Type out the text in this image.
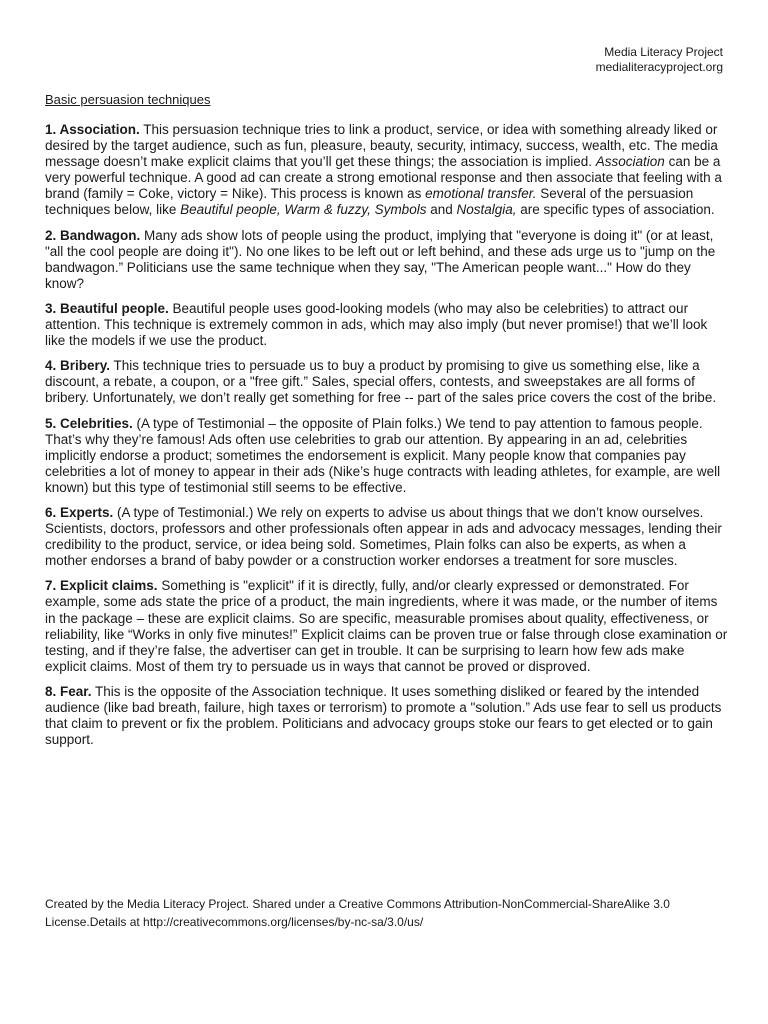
Media Literacy Project
medialiteracyproject.org
Basic persuasion techniques

1. Association. This persuasion technique tries to link a product, service, or idea with something already liked or desired by the target audience, such as fun, pleasure, beauty, security, intimacy, success, wealth, etc. The media message doesn’t make explicit claims that you’ll get these things; the association is implied. Association can be a very powerful technique. A good ad can create a strong emotional response and then associate that feeling with a brand (family = Coke, victory = Nike). This process is known as emotional transfer. Several of the persuasion techniques below, like Beautiful people, Warm & fuzzy, Symbols and Nostalgia, are specific types of association.

2. Bandwagon. Many ads show lots of people using the product, implying that "everyone is doing it" (or at least, "all the cool people are doing it"). No one likes to be left out or left behind, and these ads urge us to "jump on the bandwagon.” Politicians use the same technique when they say, "The American people want..." How do they know?

3. Beautiful people. Beautiful people uses good-looking models (who may also be celebrities) to attract our attention. This technique is extremely common in ads, which may also imply (but never promise!) that we’ll look like the models if we use the product.

4. Bribery. This technique tries to persuade us to buy a product by promising to give us something else, like a discount, a rebate, a coupon, or a "free gift.” Sales, special offers, contests, and sweepstakes are all forms of bribery. Unfortunately, we don’t really get something for free -- part of the sales price covers the cost of the bribe.

5. Celebrities. (A type of Testimonial – the opposite of Plain folks.) We tend to pay attention to famous people. That’s why they’re famous! Ads often use celebrities to grab our attention. By appearing in an ad, celebrities implicitly endorse a product; sometimes the endorsement is explicit. Many people know that companies pay celebrities a lot of money to appear in their ads (Nike’s huge contracts with leading athletes, for example, are well known) but this type of testimonial still seems to be effective.

6. Experts. (A type of Testimonial.) We rely on experts to advise us about things that we don’t know ourselves. Scientists, doctors, professors and other professionals often appear in ads and advocacy messages, lending their credibility to the product, service, or idea being sold. Sometimes, Plain folks can also be experts, as when a mother endorses a brand of baby powder or a construction worker endorses a treatment for sore muscles.

7. Explicit claims. Something is "explicit" if it is directly, fully, and/or clearly expressed or demonstrated. For example, some ads state the price of a product, the main ingredients, where it was made, or the number of items in the package – these are explicit claims. So are specific, measurable promises about quality, effectiveness, or reliability, like “Works in only five minutes!” Explicit claims can be proven true or false through close examination or testing, and if they’re false, the advertiser can get in trouble. It can be surprising to learn how few ads make explicit claims. Most of them try to persuade us in ways that cannot be proved or disproved.

8. Fear. This is the opposite of the Association technique. It uses something disliked or feared by the intended audience (like bad breath, failure, high taxes or terrorism) to promote a "solution.” Ads use fear to sell us products that claim to prevent or fix the problem. Politicians and advocacy groups stoke our fears to get elected or to gain support.

Created by the Media Literacy Project. Shared under a Creative Commons Attribution-NonCommercial-ShareAlike 3.0
License.Details at http://creativecommons.org/licenses/by-nc-sa/3.0/us/
